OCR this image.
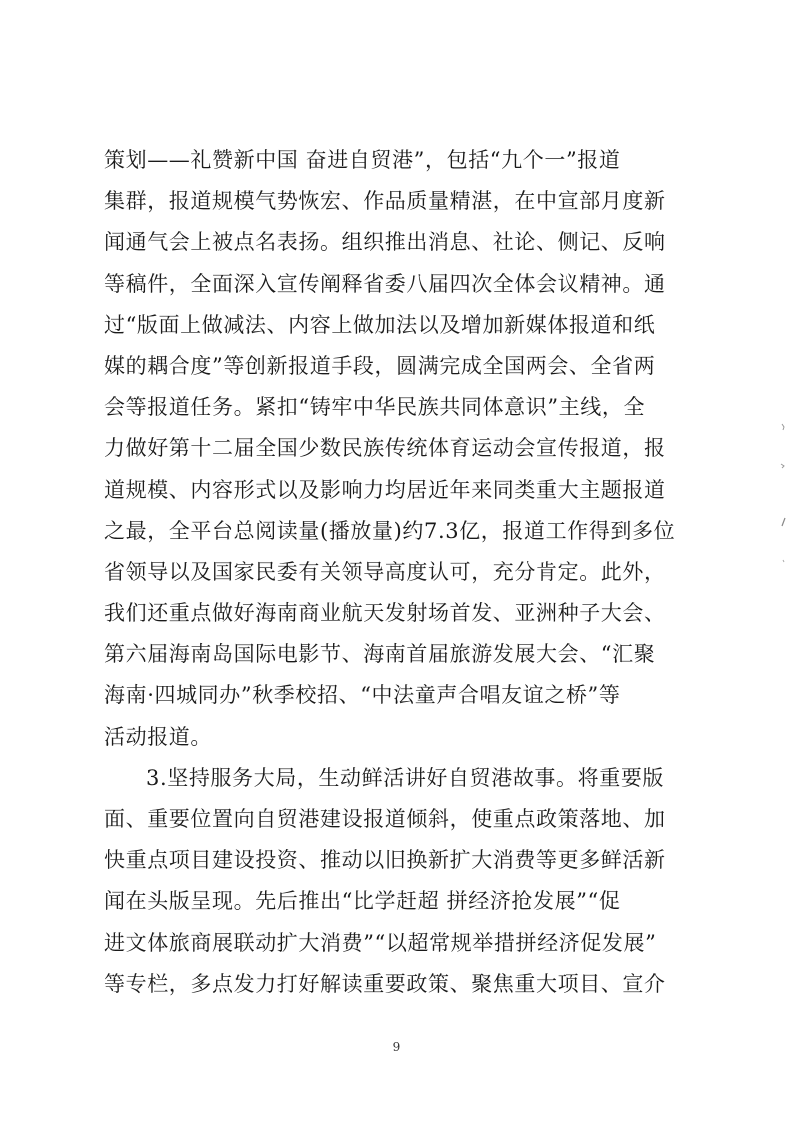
策划——礼赞新中国 奋进自贸港”，包括“九个一”报道
集群，报道规模气势恢宏、作品质量精湛，在中宣部月度新
闻通气会上被点名表扬。组织推出消息、社论、侧记、反响
等稿件，全面深入宣传阐释省委八届四次全体会议精神。通
过“版面上做减法、内容上做加法以及增加新媒体报道和纸
媒的耦合度”等创新报道手段，圆满完成全国两会、全省两
会等报道任务。紧扣“铸牢中华民族共同体意识”主线，全
力做好第十二届全国少数民族传统体育运动会宣传报道，报
道规模、内容形式以及影响力均居近年来同类重大主题报道
之最，全平台总阅读量(播放量)约7.3亿，报道工作得到多位
省领导以及国家民委有关领导高度认可，充分肯定。此外，
我们还重点做好海南商业航天发射场首发、亚洲种子大会、
第六届海南岛国际电影节、海南首届旅游发展大会、“汇聚
海南·四城同办”秋季校招、“中法童声合唱友谊之桥”等
活动报道。
3.坚持服务大局，生动鲜活讲好自贸港故事。将重要版
面、重要位置向自贸港建设报道倾斜，使重点政策落地、加
快重点项目建设投资、推动以旧换新扩大消费等更多鲜活新
闻在头版呈现。先后推出“比学赶超 拼经济抢发展”“促
进文体旅商展联动扩大消费”“以超常规举措拼经济促发展”
等专栏，多点发力打好解读重要政策、聚焦重大项目、宣介
9
